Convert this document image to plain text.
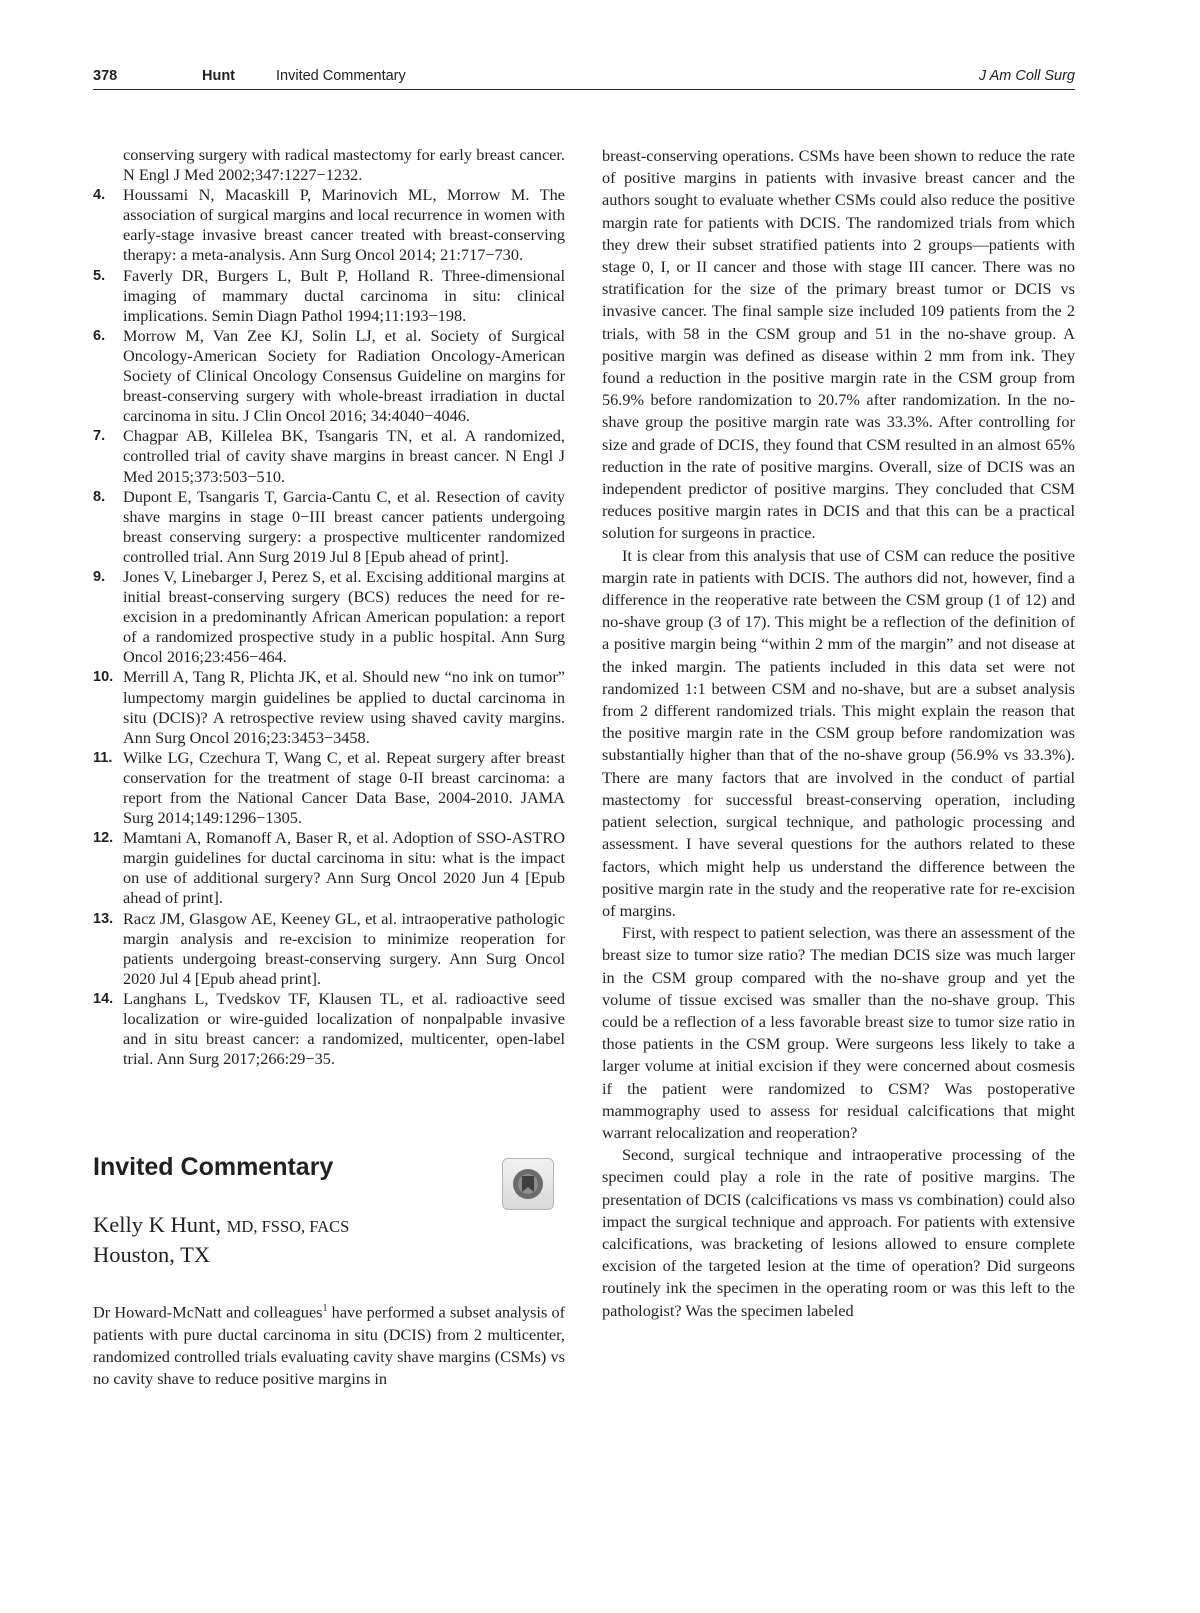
378	Hunt	Invited Commentary	J Am Coll Surg
conserving surgery with radical mastectomy for early breast cancer. N Engl J Med 2002;347:1227−1232.
4.	Houssami N, Macaskill P, Marinovich ML, Morrow M. The association of surgical margins and local recurrence in women with early-stage invasive breast cancer treated with breast-conserving therapy: a meta-analysis. Ann Surg Oncol 2014; 21:717−730.
5.	Faverly DR, Burgers L, Bult P, Holland R. Three-dimensional imaging of mammary ductal carcinoma in situ: clinical implications. Semin Diagn Pathol 1994;11:193−198.
6.	Morrow M, Van Zee KJ, Solin LJ, et al. Society of Surgical Oncology-American Society for Radiation Oncology-American Society of Clinical Oncology Consensus Guideline on margins for breast-conserving surgery with whole-breast irradiation in ductal carcinoma in situ. J Clin Oncol 2016; 34:4040−4046.
7.	Chagpar AB, Killelea BK, Tsangaris TN, et al. A randomized, controlled trial of cavity shave margins in breast cancer. N Engl J Med 2015;373:503−510.
8.	Dupont E, Tsangaris T, Garcia-Cantu C, et al. Resection of cavity shave margins in stage 0−III breast cancer patients undergoing breast conserving surgery: a prospective multicenter randomized controlled trial. Ann Surg 2019 Jul 8 [Epub ahead of print].
9.	Jones V, Linebarger J, Perez S, et al. Excising additional margins at initial breast-conserving surgery (BCS) reduces the need for re-excision in a predominantly African American population: a report of a randomized prospective study in a public hospital. Ann Surg Oncol 2016;23:456−464.
10. Merrill A, Tang R, Plichta JK, et al. Should new “no ink on tumor” lumpectomy margin guidelines be applied to ductal carcinoma in situ (DCIS)? A retrospective review using shaved cavity margins. Ann Surg Oncol 2016;23:3453−3458.
11. Wilke LG, Czechura T, Wang C, et al. Repeat surgery after breast conservation for the treatment of stage 0-II breast carcinoma: a report from the National Cancer Data Base, 2004-2010. JAMA Surg 2014;149:1296−1305.
12. Mamtani A, Romanoff A, Baser R, et al. Adoption of SSO-ASTRO margin guidelines for ductal carcinoma in situ: what is the impact on use of additional surgery? Ann Surg Oncol 2020 Jun 4 [Epub ahead of print].
13. Racz JM, Glasgow AE, Keeney GL, et al. intraoperative pathologic margin analysis and re-excision to minimize reoperation for patients undergoing breast-conserving surgery. Ann Surg Oncol 2020 Jul 4 [Epub ahead print].
14. Langhans L, Tvedskov TF, Klausen TL, et al. radioactive seed localization or wire-guided localization of nonpalpable invasive and in situ breast cancer: a randomized, multicenter, open-label trial. Ann Surg 2017;266:29−35.
Invited Commentary
Kelly K Hunt, MD, FSSO, FACS
Houston, TX

Dr Howard-McNatt and colleagues$^1$ have performed a subset analysis of patients with pure ductal carcinoma in situ (DCIS) from 2 multicenter, randomized controlled trials evaluating cavity shave margins (CSMs) vs no cavity shave to reduce positive margins in

breast-conserving operations. CSMs have been shown to reduce the rate of positive margins in patients with invasive breast cancer and the authors sought to evaluate whether CSMs could also reduce the positive margin rate for patients with DCIS. The randomized trials from which they drew their subset stratified patients into 2 groups—patients with stage 0, I, or II cancer and those with stage III cancer. There was no stratification for the size of the primary breast tumor or DCIS vs invasive cancer. The final sample size included 109 patients from the 2 trials, with 58 in the CSM group and 51 in the no-shave group. A positive margin was defined as disease within 2 mm from ink. They found a reduction in the positive margin rate in the CSM group from 56.9% before randomization to 20.7% after randomization. In the no-shave group the positive margin rate was 33.3%. After controlling for size and grade of DCIS, they found that CSM resulted in an almost 65% reduction in the rate of positive margins. Overall, size of DCIS was an independent predictor of positive margins. They concluded that CSM reduces positive margin rates in DCIS and that this can be a practical solution for surgeons in practice.

It is clear from this analysis that use of CSM can reduce the positive margin rate in patients with DCIS. The authors did not, however, find a difference in the reoperative rate between the CSM group (1 of 12) and no-shave group (3 of 17). This might be a reflection of the definition of a positive margin being “within 2 mm of the margin” and not disease at the inked margin. The patients included in this data set were not randomized 1:1 between CSM and no-shave, but are a subset analysis from 2 different randomized trials. This might explain the reason that the positive margin rate in the CSM group before randomization was substantially higher than that of the no-shave group (56.9% vs 33.3%). There are many factors that are involved in the conduct of partial mastectomy for successful breast-conserving operation, including patient selection, surgical technique, and pathologic processing and assessment. I have several questions for the authors related to these factors, which might help us understand the difference between the positive margin rate in the study and the reoperative rate for re-excision of margins.

First, with respect to patient selection, was there an assessment of the breast size to tumor size ratio? The median DCIS size was much larger in the CSM group compared with the no-shave group and yet the volume of tissue excised was smaller than the no-shave group. This could be a reflection of a less favorable breast size to tumor size ratio in those patients in the CSM group. Were surgeons less likely to take a larger volume at initial excision if they were concerned about cosmesis if the patient were randomized to CSM? Was postoperative mammography used to assess for residual calcifications that might warrant relocalization and reoperation?

Second, surgical technique and intraoperative processing of the specimen could play a role in the rate of positive margins. The presentation of DCIS (calcifications vs mass vs combination) could also impact the surgical technique and approach. For patients with extensive calcifications, was bracketing of lesions allowed to ensure complete excision of the targeted lesion at the time of operation? Did surgeons routinely ink the specimen in the operating room or was this left to the pathologist? Was the specimen labeled
